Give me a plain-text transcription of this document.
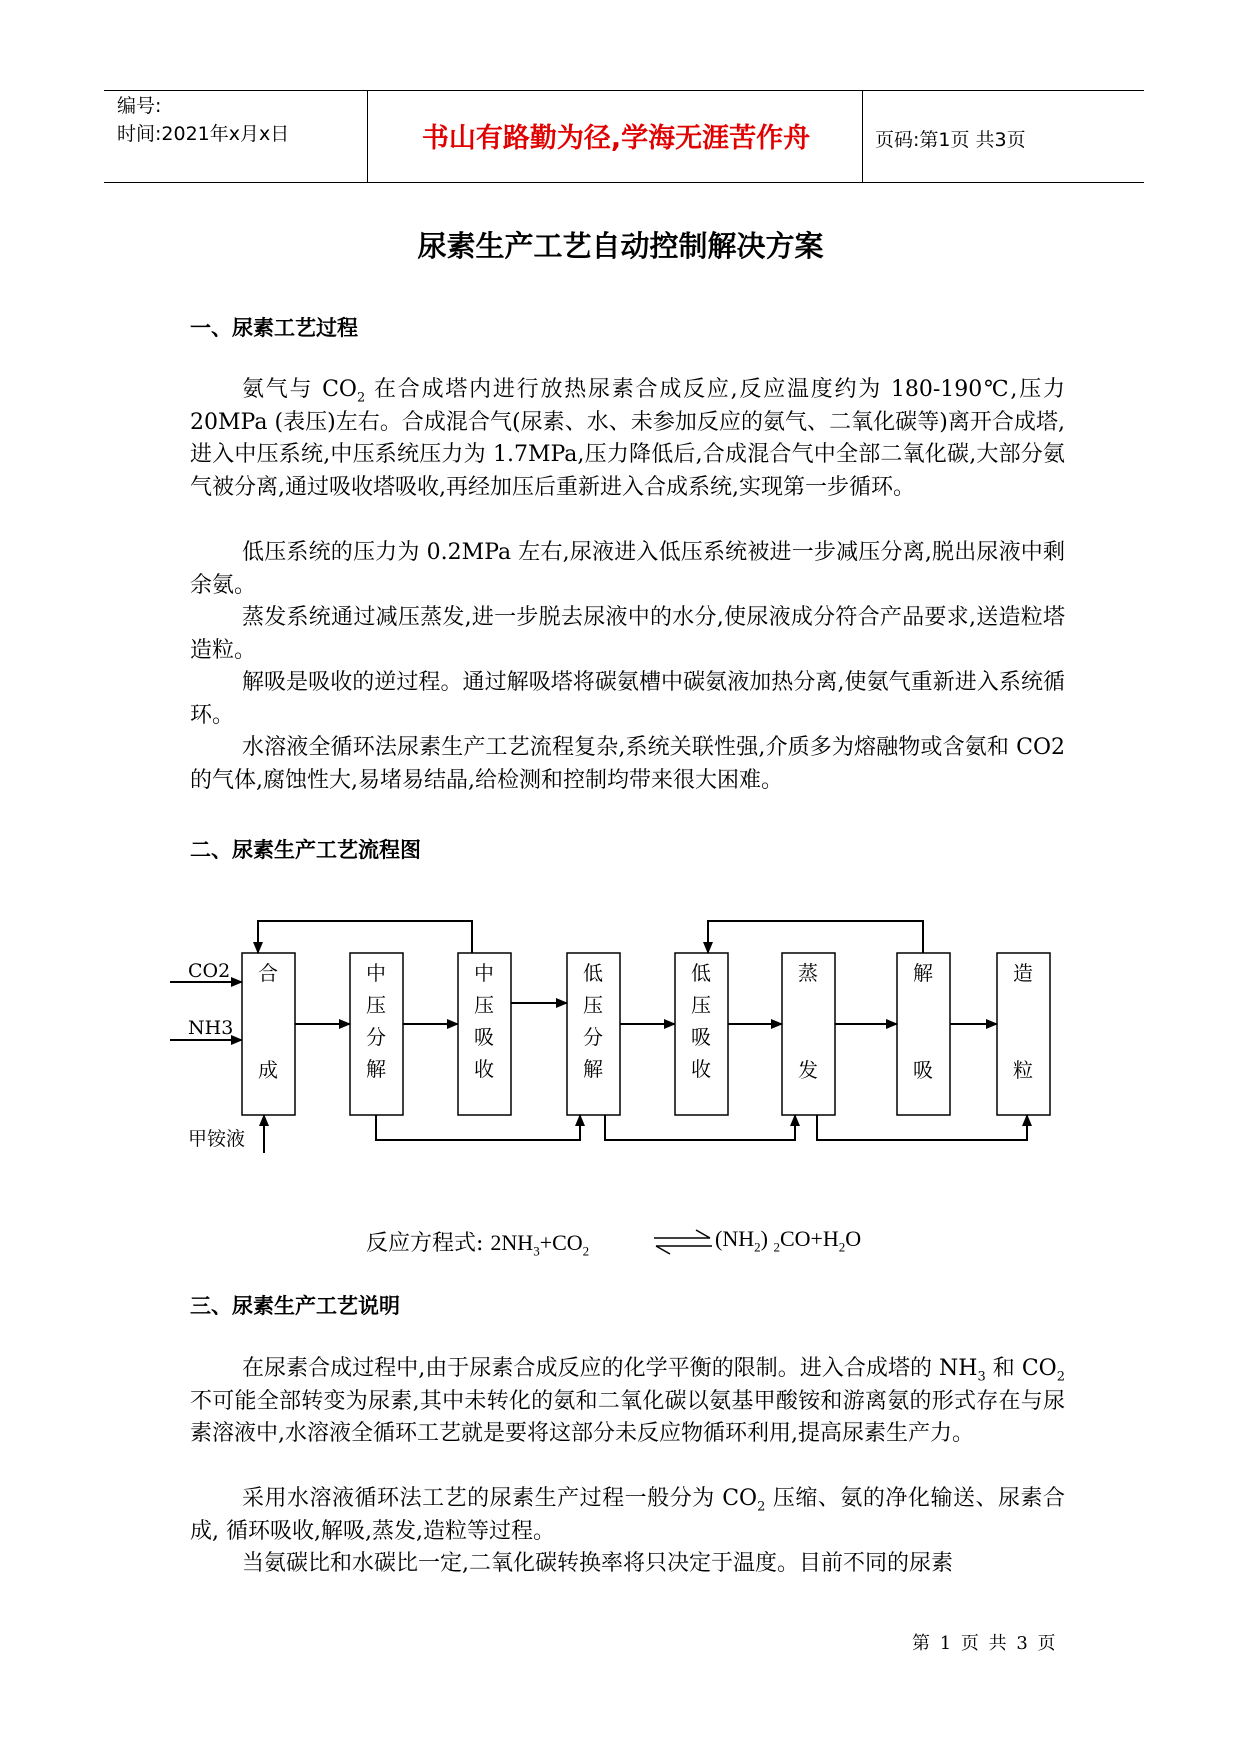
编号:
时间:2021年x月x日	书山有路勤为径,学海无涯苦作舟	页码:第1页 共3页
尿素生产工艺自动控制解决方案
一、尿素工艺过程
氨气与 $CO_2$ 在合成塔内进行放热尿素合成反应,反应温度约为 180-190℃,压力 20MPa (表压)左右。合成混合气(尿素、水、未参加反应的氨气、二氧化碳等)离开合成塔,进入中压系统,中压系统压力为 1.7MPa,压力降低后,合成混合气中全部二氧化碳,大部分氨气被分离,通过吸收塔吸收,再经加压后重新进入合成系统,实现第一步循环。
低压系统的压力为 0.2MPa 左右,尿液进入低压系统被进一步减压分离,脱出尿液中剩余氨。
蒸发系统通过减压蒸发,进一步脱去尿液中的水分,使尿液成分符合产品要求,送造粒塔造粒。
解吸是吸收的逆过程。通过解吸塔将碳氨槽中碳氨液加热分离,使氨气重新进入系统循环。
水溶液全循环法尿素生产工艺流程复杂,系统关联性强,介质多为熔融物或含氨和 CO2 的气体,腐蚀性大,易堵易结晶,给检测和控制均带来很大困难。
二、尿素生产工艺流程图
合
成
中
压
分
解
中
压
吸
收
低
压
分
解
低
压
吸
收
蒸
发
解
吸
造
粒
CO2
NH3
甲铵液
反应方程式: $2NH_3+CO_2$	⇌ $(NH_2)$ $_2CO+H_2O$
三、尿素生产工艺说明
在尿素合成过程中,由于尿素合成反应的化学平衡的限制。进入合成塔的 $NH_3$ 和 $CO_2$ 不可能全部转变为尿素,其中未转化的氨和二氧化碳以氨基甲酸铵和游离氨的形式存在与尿素溶液中,水溶液全循环工艺就是要将这部分未反应物循环利用,提高尿素生产力。
采用水溶液循环法工艺的尿素生产过程一般分为 $CO_2$ 压缩、氨的净化输送、尿素合成, 循环吸收,解吸,蒸发,造粒等过程。
当氨碳比和水碳比一定,二氧化碳转换率将只决定于温度。目前不同的尿素
第 1 页 共 3 页
